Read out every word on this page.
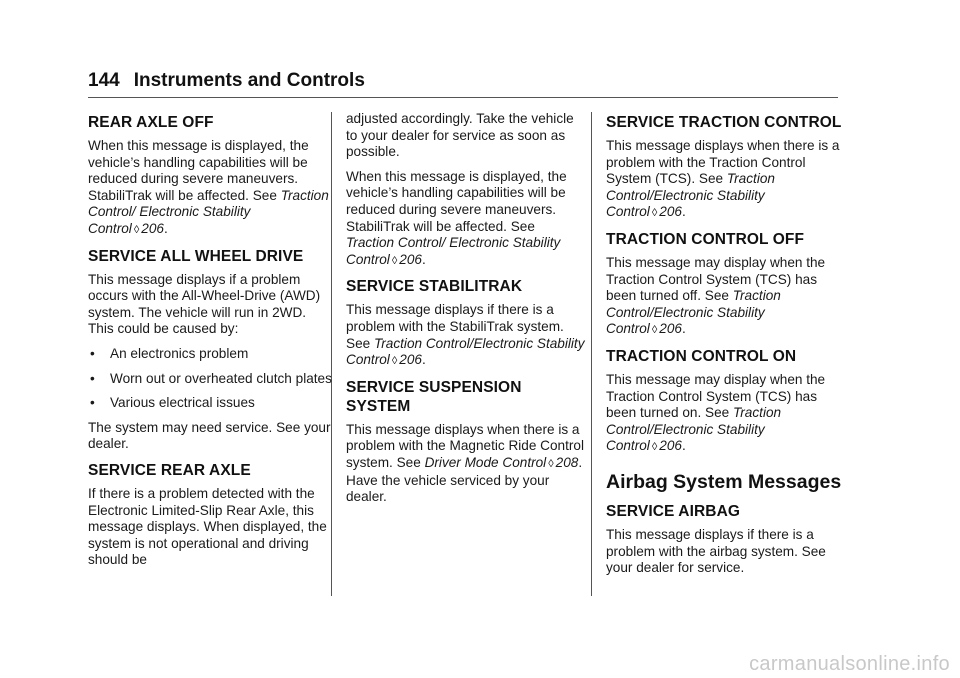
144 Instruments and Controls
REAR AXLE OFF

When this message is displayed, the vehicle’s handling capabilities will be reduced during severe maneuvers. StabiliTrak will be affected. See Traction Control/ Electronic Stability Control ◊ 206.

SERVICE ALL WHEEL DRIVE

This message displays if a problem occurs with the All-Wheel-Drive (AWD) system. The vehicle will run in 2WD. This could be caused by:

• An electronics problem
• Worn out or overheated clutch plates
• Various electrical issues

The system may need service. See your dealer.

SERVICE REAR AXLE

If there is a problem detected with the Electronic Limited-Slip Rear Axle, this message displays. When displayed, the system is not operational and driving should be

adjusted accordingly. Take the vehicle to your dealer for service as soon as possible.

When this message is displayed, the vehicle’s handling capabilities will be reduced during severe maneuvers. StabiliTrak will be affected. See Traction Control/ Electronic Stability Control ◊ 206.

SERVICE STABILITRAK

This message displays if there is a problem with the StabiliTrak system. See Traction Control/Electronic Stability Control ◊ 206.

SERVICE SUSPENSION SYSTEM

This message displays when there is a problem with the Magnetic Ride Control system. See Driver Mode Control ◊ 208. Have the vehicle serviced by your dealer.

SERVICE TRACTION CONTROL

This message displays when there is a problem with the Traction Control System (TCS). See Traction Control/Electronic Stability Control ◊ 206.

TRACTION CONTROL OFF

This message may display when the Traction Control System (TCS) has been turned off. See Traction Control/Electronic Stability Control ◊ 206.

TRACTION CONTROL ON

This message may display when the Traction Control System (TCS) has been turned on. See Traction Control/Electronic Stability Control ◊ 206.

Airbag System Messages
SERVICE AIRBAG

This message displays if there is a problem with the airbag system. See your dealer for service.

carmanualsonline.info
